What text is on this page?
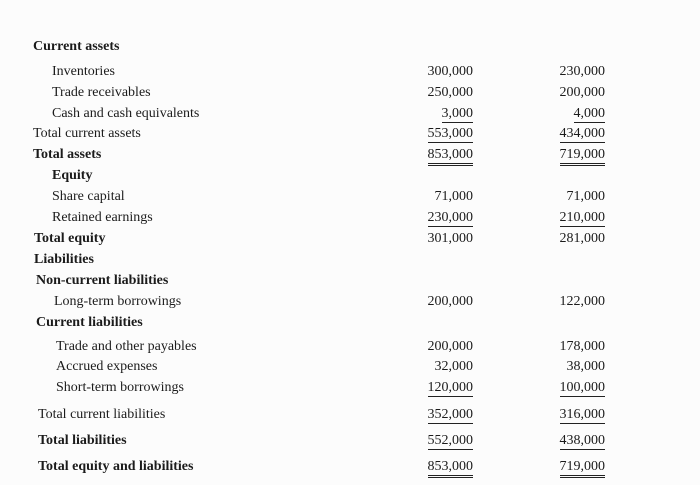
Current assets
Inventories	300,000	230,000
Trade receivables	250,000	200,000
Cash and cash equivalents	3,000	4,000
Total current assets	553,000	434,000
Total assets	853,000	719,000
Equity
Share capital	71,000	71,000
Retained earnings	230,000	210,000
Total equity	301,000	281,000
Liabilities
Non-current liabilities
Long-term borrowings	200,000	122,000
Current liabilities
Trade and other payables	200,000	178,000
Accrued expenses	32,000	38,000
Short-term borrowings	120,000	100,000
Total current liabilities	352,000	316,000
Total liabilities	552,000	438,000
Total equity and liabilities	853,000	719,000
